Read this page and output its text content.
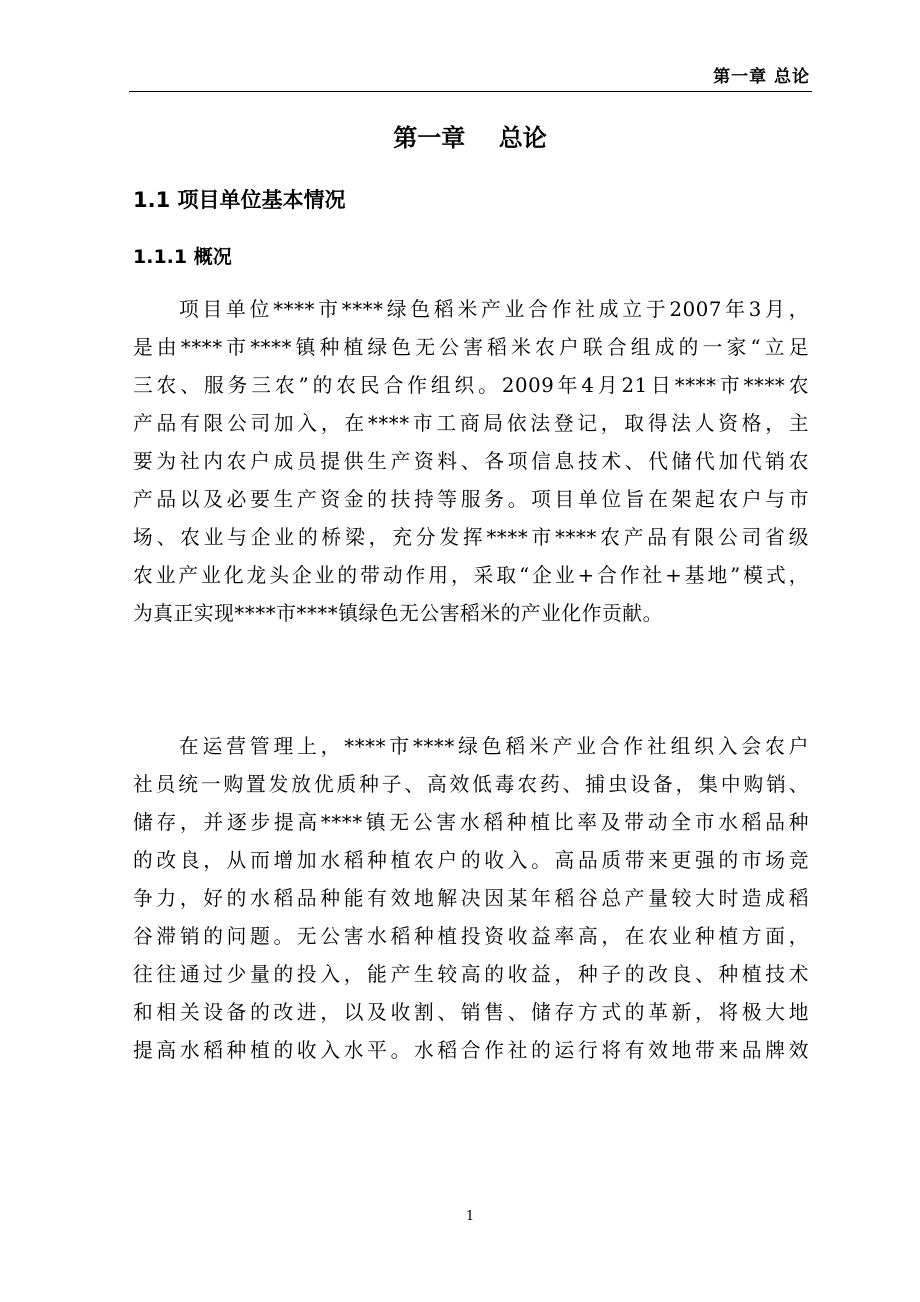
第一章 总论
第一章    总论
1.1 项目单位基本情况
1.1.1 概况
项目单位****市****绿色稻米产业合作社成立于2007年3月，
是由****市****镇种植绿色无公害稻米农户联合组成的一家“立足
三农、服务三农”的农民合作组织。2009年4月21日****市****农
产品有限公司加入，在****市工商局依法登记，取得法人资格，主
要为社内农户成员提供生产资料、各项信息技术、代储代加代销农
产品以及必要生产资金的扶持等服务。项目单位旨在架起农户与市
场、农业与企业的桥梁，充分发挥****市****农产品有限公司省级
农业产业化龙头企业的带动作用，采取“企业+合作社+基地”模式，
为真正实现****市****镇绿色无公害稻米的产业化作贡献。
在运营管理上，****市****绿色稻米产业合作社组织入会农户
社员统一购置发放优质种子、高效低毒农药、捕虫设备，集中购销、
储存，并逐步提高****镇无公害水稻种植比率及带动全市水稻品种
的改良，从而增加水稻种植农户的收入。高品质带来更强的市场竞
争力，好的水稻品种能有效地解决因某年稻谷总产量较大时造成稻
谷滞销的问题。无公害水稻种植投资收益率高，在农业种植方面，
往往通过少量的投入，能产生较高的收益，种子的改良、种植技术
和相关设备的改进，以及收割、销售、储存方式的革新，将极大地
提高水稻种植的收入水平。水稻合作社的运行将有效地带来品牌效
1
